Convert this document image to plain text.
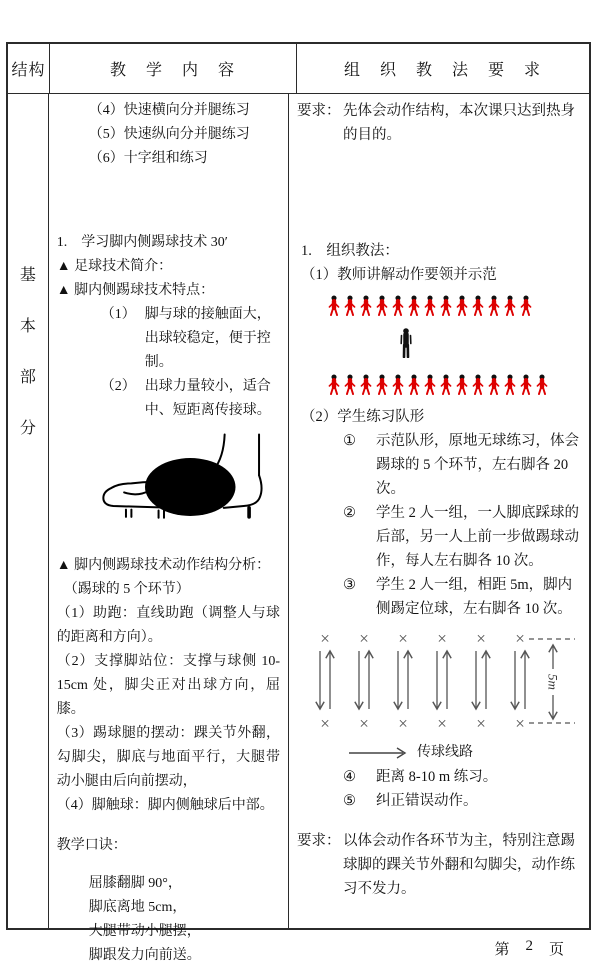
结构	教　学　内　容	组　织　教　法　要　求
基
本
部
分
（4）快速横向分并腿练习
（5）快速纵向分并腿练习
（6）十字组和练习
1.　学习脚内侧踢球技术 30′
▲ 足球技术简介：
▲ 脚内侧踢球技术特点：
（1） 脚与球的接触面大，出球较稳定，便于控制。
（2） 出球力量较小，适合中、短距离传接球。
▲ 脚内侧踢球技术动作结构分析：
　（踢球的 5 个环节）
（1）助跑：直线助跑（调整人与球的距离和方向）。
（2）支撑脚站位：支撑与球侧 10-15cm 处，脚尖正对出球方向，屈膝。
（3）踢球腿的摆动：踝关节外翻，勾脚尖，脚底与地面平行，大腿带动小腿由后向前摆动，
（4）脚触球：脚内侧触球后中部。
教学口诀：
屈膝翻脚 90°，
脚底离地 5cm，
大腿带动小腿摆，
脚跟发力向前送。
要求： 先体会动作结构，本次课只达到热身的目的。
1.　组织教法：
（1）教师讲解动作要领并示范
（2）学生练习队形
①	示范队形，原地无球练习，体会踢球的 5 个环节，左右脚各 20 次。
②	学生 2 人一组，一人脚底踩球的后部，另一人上前一步做踢球动作，每人左右脚各 10 次。
③	学生 2 人一组，相距 5m，脚内侧踢定位球，左右脚各 10 次。
×
×
×
×
×
×
×
×
×
×
×
×
5m
传球线路
④	距离 8-10 m 练习。
⑤	纠正错误动作。
要求： 以体会动作各环节为主，特别注意踢球脚的踝关节外翻和勾脚尖，动作练习不发力。
第 2 页
